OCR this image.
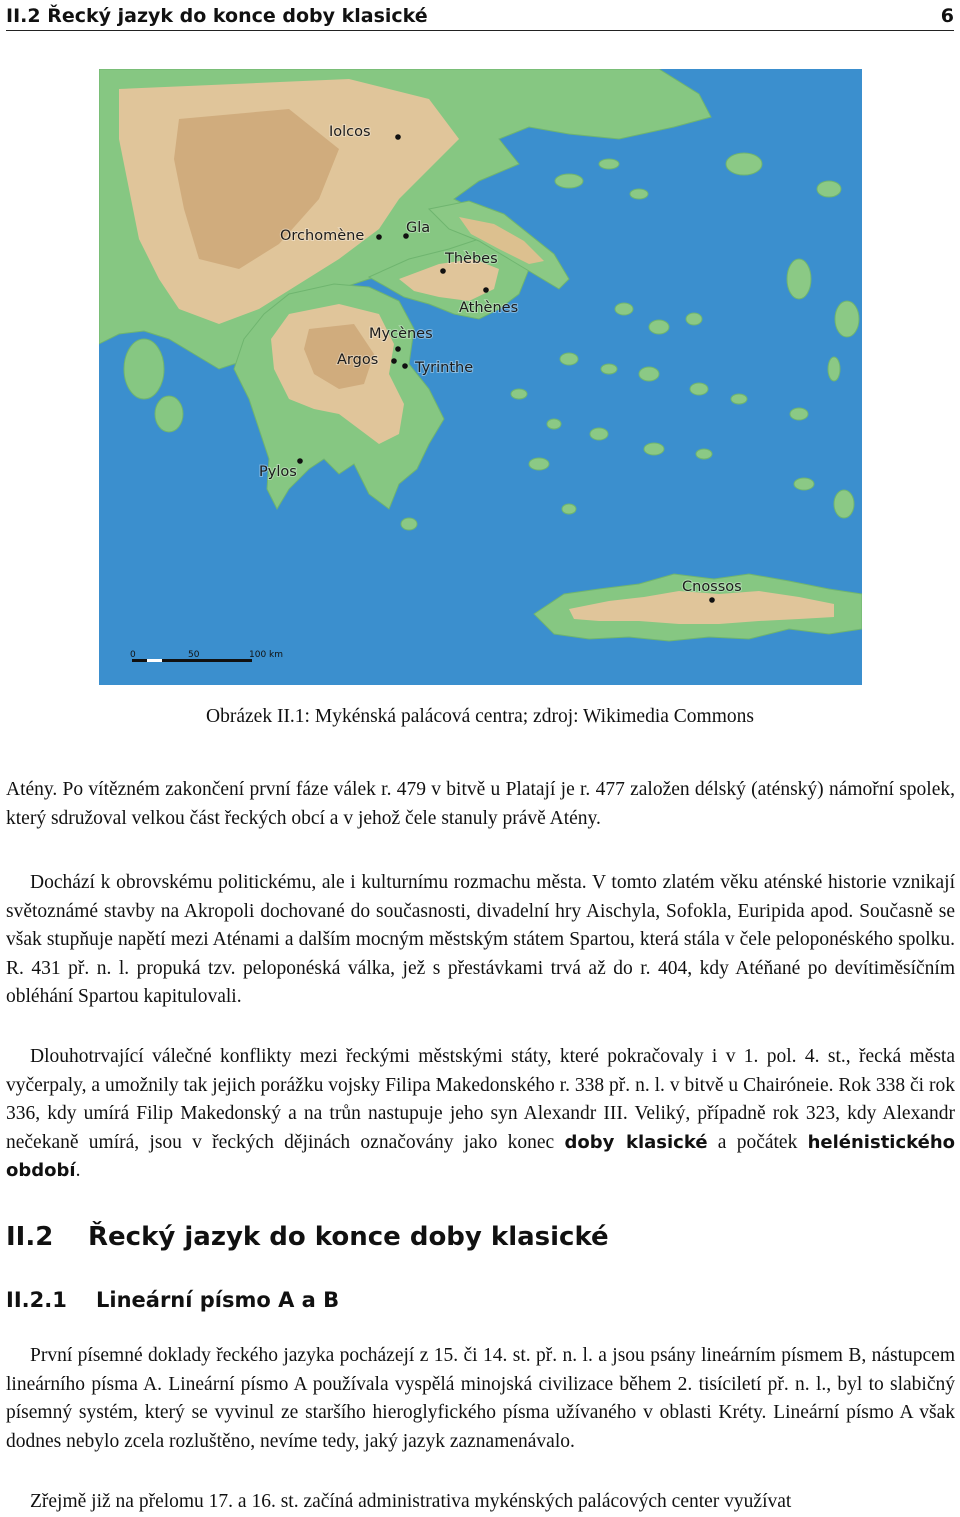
II.2 Řecký jazyk do konce doby klasické	6
Iolcos
Orchomène	Gla
Thèbes
Athènes
Mycènes
Argos	Tyrinthe
Pylos
Cnossos
0	50	100 km
Obrázek II.1: Mykénská palácová centra; zdroj: Wikimedia Commons

Atény. Po vítězném zakončení první fáze válek r. 479 v bitvě u Platají je r. 477 založen délský (aténský) námořní spolek, který sdružoval velkou část řeckých obcí a v jehož čele stanuly právě Atény.

Dochází k obrovskému politickému, ale i kulturnímu rozmachu města. V tomto zlatém věku aténské historie vznikají světoznámé stavby na Akropoli dochované do současnosti, divadelní hry Aischyla, Sofokla, Euripida apod. Současně se však stupňuje napětí mezi Aténami a dalším mocným městským státem Spartou, která stála v čele peloponéského spolku. R. 431 př. n. l. propuká tzv. peloponéská válka, jež s přestávkami trvá až do r. 404, kdy Atéňané po devítiměsíčním obléhání Spartou kapitulovali.

Dlouhotrvající válečné konflikty mezi řeckými městskými státy, které pokračovaly i v 1. pol. 4. st., řecká města vyčerpaly, a umožnily tak jejich porážku vojsky Filipa Makedonského r. 338 př. n. l. v bitvě u Chairóneie. Rok 338 či rok 336, kdy umírá Filip Makedonský a na trůn nastupuje jeho syn Alexandr III. Veliký, případně rok 323, kdy Alexandr nečekaně umírá, jsou v řeckých dějinách označovány jako konec doby klasické a počátek helénistického období.

II.2 Řecký jazyk do konce doby klasické
II.2.1 Lineární písmo A a B

První písemné doklady řeckého jazyka pocházejí z 15. či 14. st. př. n. l. a jsou psány lineárním písmem B, nástupcem lineárního písma A. Lineární písmo A používala vyspělá minojská civilizace během 2. tisíciletí př. n. l., byl to slabičný písemný systém, který se vyvinul ze staršího hieroglyfického písma užívaného v oblasti Kréty. Lineární písmo A však dodnes nebylo zcela rozluštěno, nevíme tedy, jaký jazyk zaznamenávalo.

Zřejmě již na přelomu 17. a 16. st. začíná administrativa mykénských palácových center využívat
